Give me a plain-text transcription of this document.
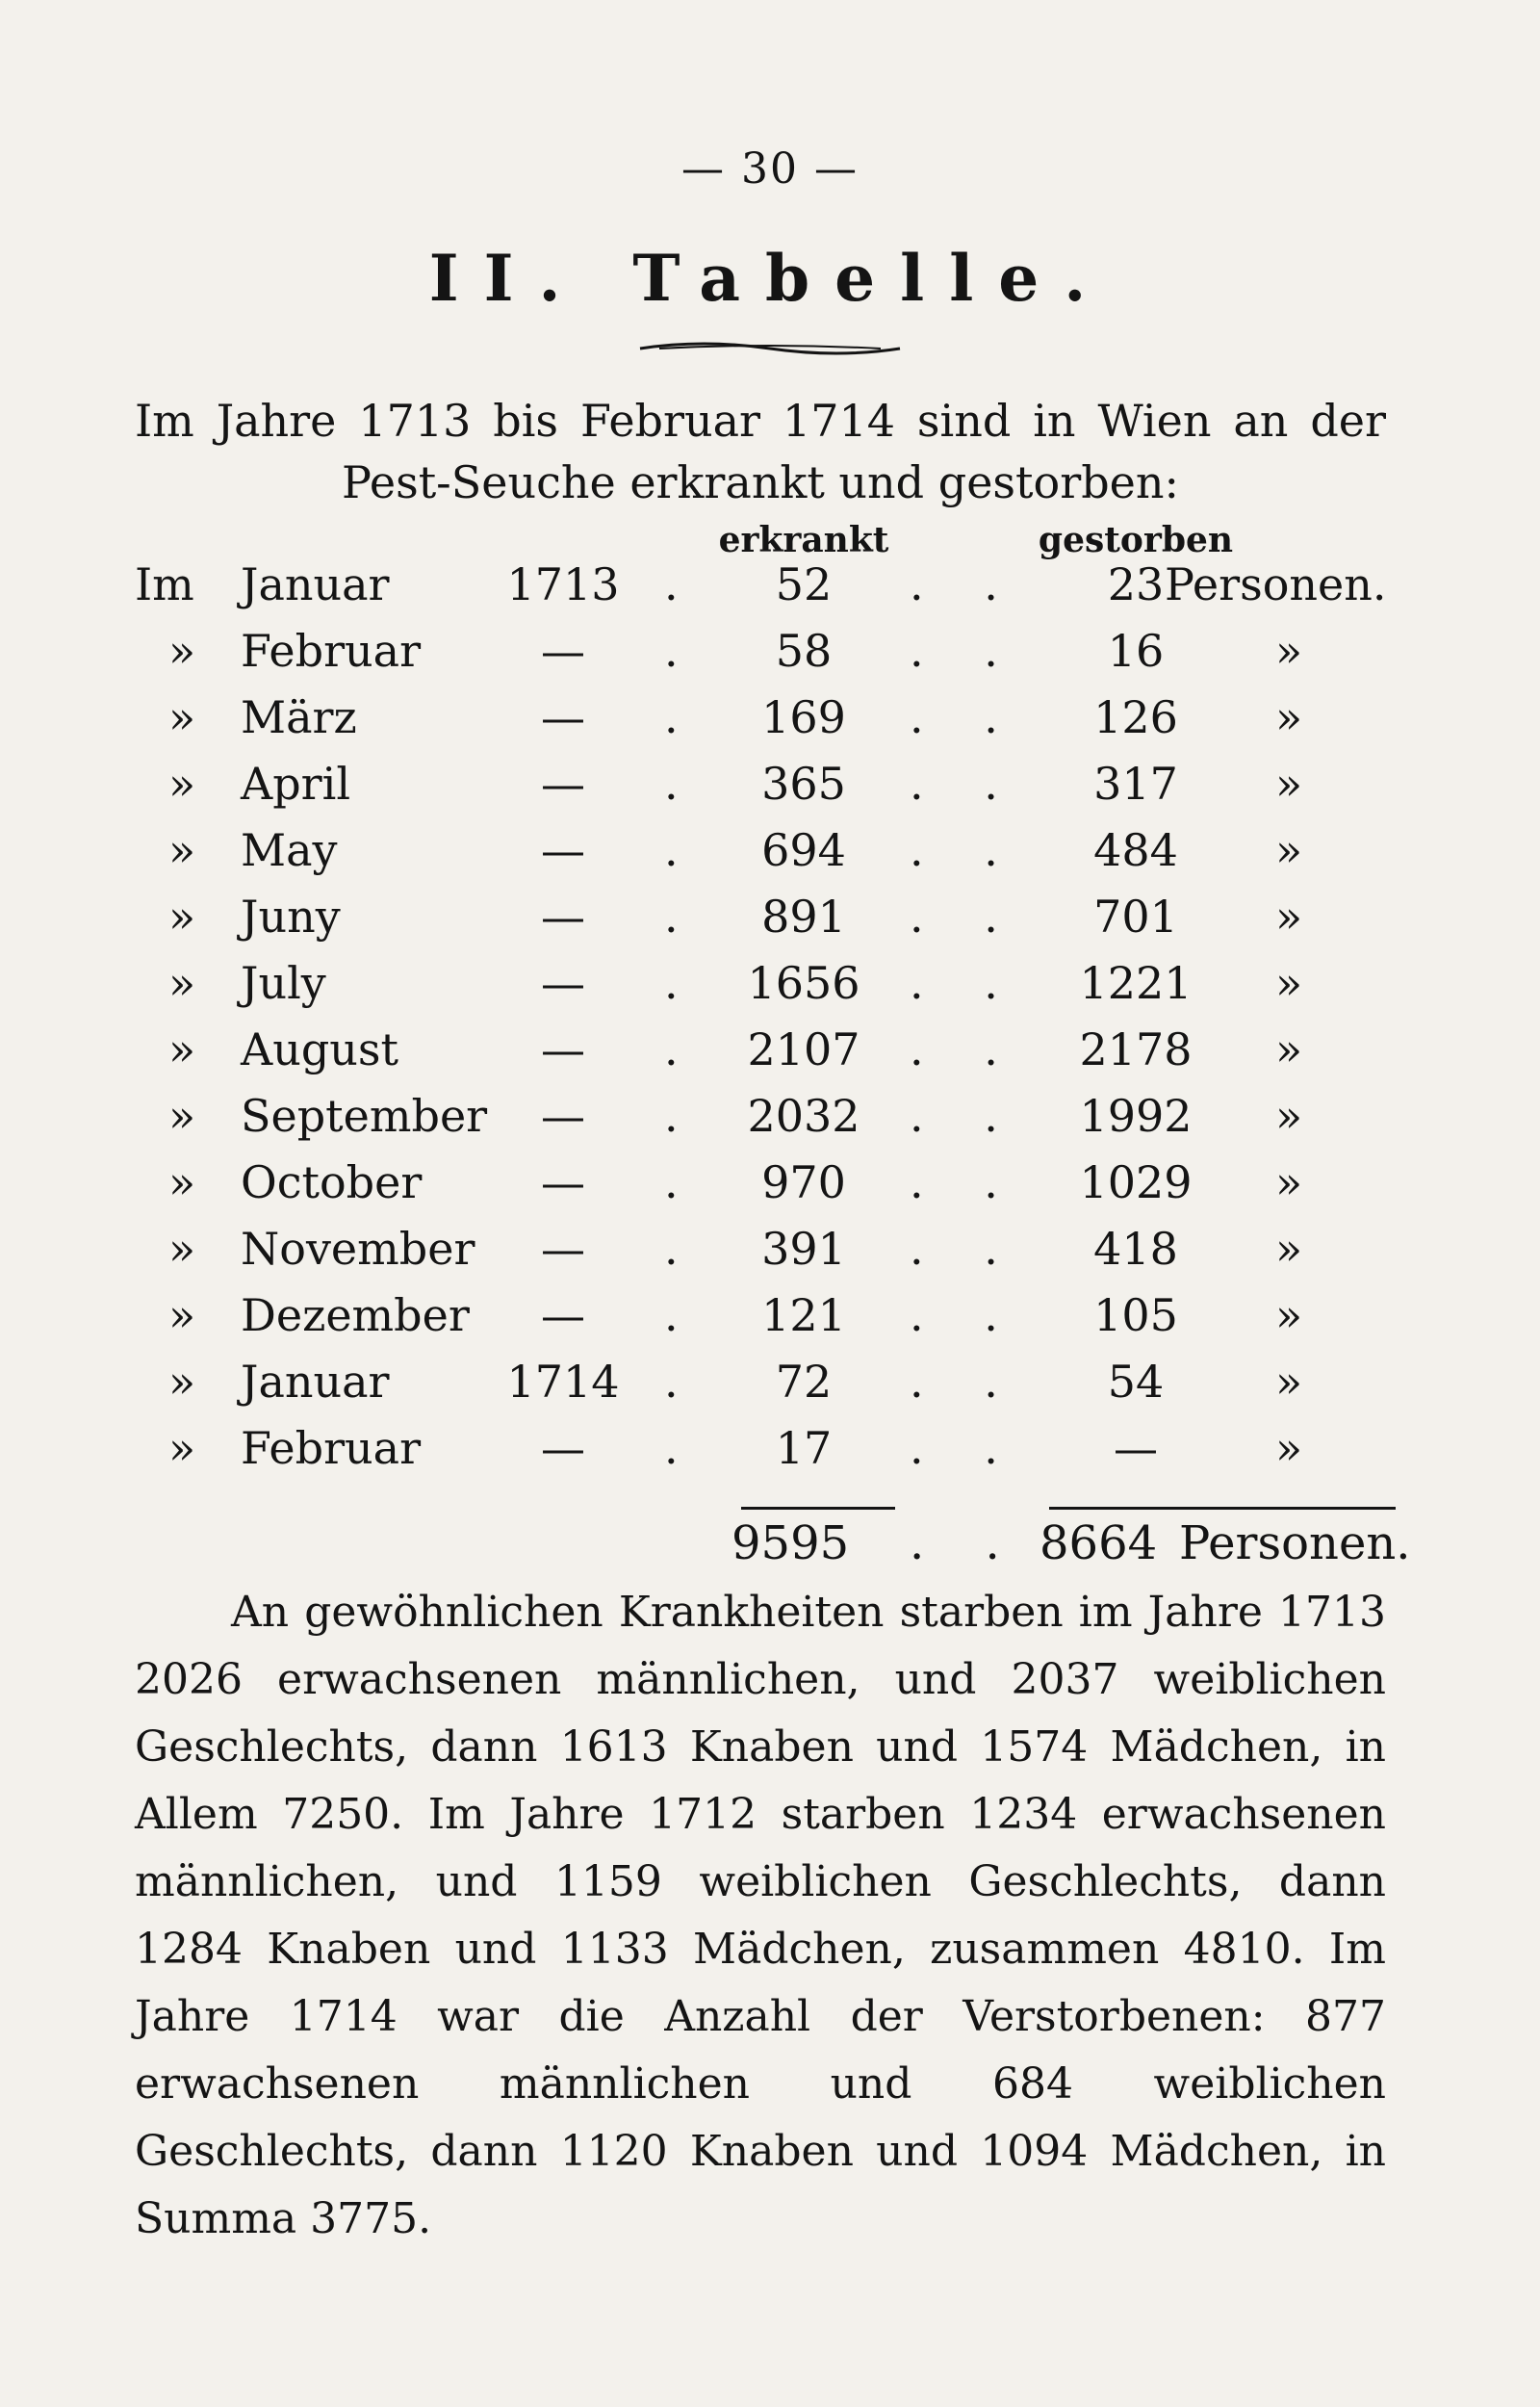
— 30 —
II. Tabelle.
Im Jahre 1713 bis Februar 1714 sind in Wien an der Pest-Seuche erkrankt und gestorben:
erkrankt	gestorben
Im Januar	1713 .	52	. .	23 Personen.
» Februar	—	.	58	. .	16	»
» März	—	.	169	. .	126	»
» April	—	.	365	. .	317	»
» May	—	.	694	. .	484	»
» Juny	—	.	891	. .	701	»
» July	—	.	1656	. .	1221	»
» August	—	.	2107	. .	2178	»
» September	—	.	2032	. .	1992	»
» October	—	.	970	. .	1029	»
» November	—	.	391	. .	418	»
» Dezember	—	.	121	. .	105	»
» Januar	1714 .	72	. .	54	»
» Februar	—	.	17	. .	—	»
9595 . . 8664 Personen.

An gewöhnlichen Krankheiten starben im Jahre 1713 2026 erwachsenen männlichen, und 2037 weiblichen Geschlechts, dann 1613 Knaben und 1574 Mädchen, in Allem 7250. Im Jahre 1712 starben 1234 erwachsenen männlichen, und 1159 weiblichen Geschlechts, dann 1284 Knaben und 1133 Mädchen, zusammen 4810. Im Jahre 1714 war die Anzahl der Verstorbenen: 877 erwachsenen männlichen und 684 weiblichen Geschlechts, dann 1120 Knaben und 1094 Mädchen, in Summa 3775.
